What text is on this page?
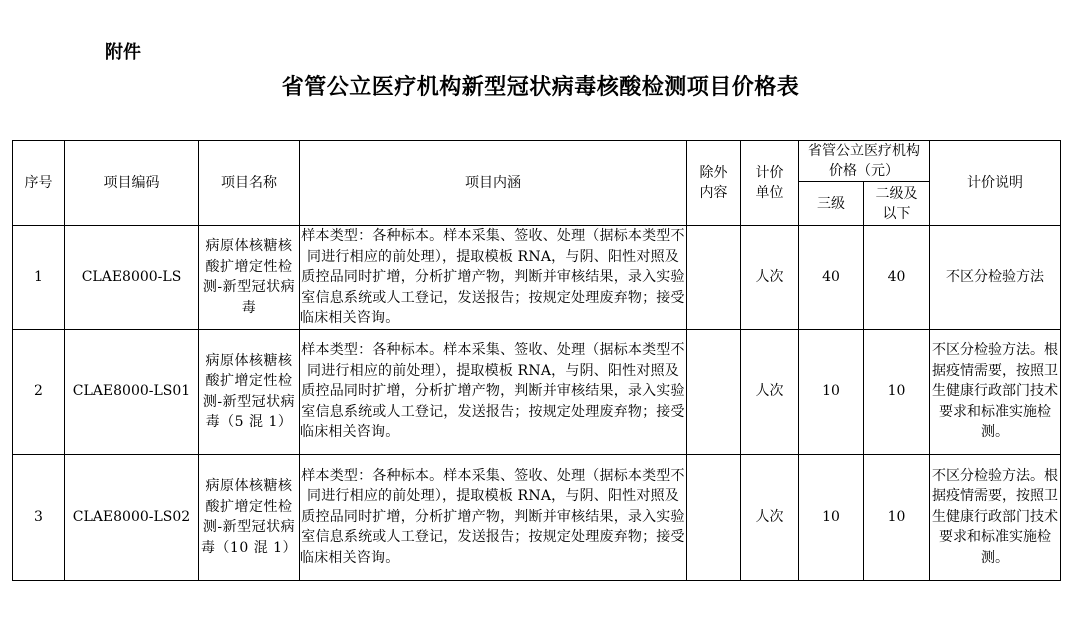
附件
省管公立医疗机构新型冠状病毒核酸检测项目价格表
序号	项目编码	项目名称	项目内涵	除外内容	计价单位	省管公立医疗机构价格（元）		计价说明
						三级	二级及以下	
1	CLAE8000-LS	病原体核糖核酸扩增定性检测-新型冠状病毒	样本类型：各种标本。样本采集、签收、处理（据标本类型不同进行相应的前处理），提取模板 RNA，与阴、阳性对照及质控品同时扩增，分析扩增产物，判断并审核结果，录入实验室信息系统或人工登记，发送报告；按规定处理废弃物；接受临床相关咨询。		人次	40	40	不区分检验方法
2	CLAE8000-LS01	病原体核糖核酸扩增定性检测-新型冠状病毒（5 混 1）	样本类型：各种标本。样本采集、签收、处理（据标本类型不同进行相应的前处理），提取模板 RNA，与阴、阳性对照及质控品同时扩增，分析扩增产物，判断并审核结果，录入实验室信息系统或人工登记，发送报告；按规定处理废弃物；接受临床相关咨询。		人次	10	10	不区分检验方法。根据疫情需要，按照卫生健康行政部门技术要求和标准实施检测。
3	CLAE8000-LS02	病原体核糖核酸扩增定性检测-新型冠状病毒（10 混 1）	样本类型：各种标本。样本采集、签收、处理（据标本类型不同进行相应的前处理），提取模板 RNA，与阴、阳性对照及质控品同时扩增，分析扩增产物，判断并审核结果，录入实验室信息系统或人工登记，发送报告；按规定处理废弃物；接受临床相关咨询。		人次	10	10	不区分检验方法。根据疫情需要，按照卫生健康行政部门技术要求和标准实施检测。
